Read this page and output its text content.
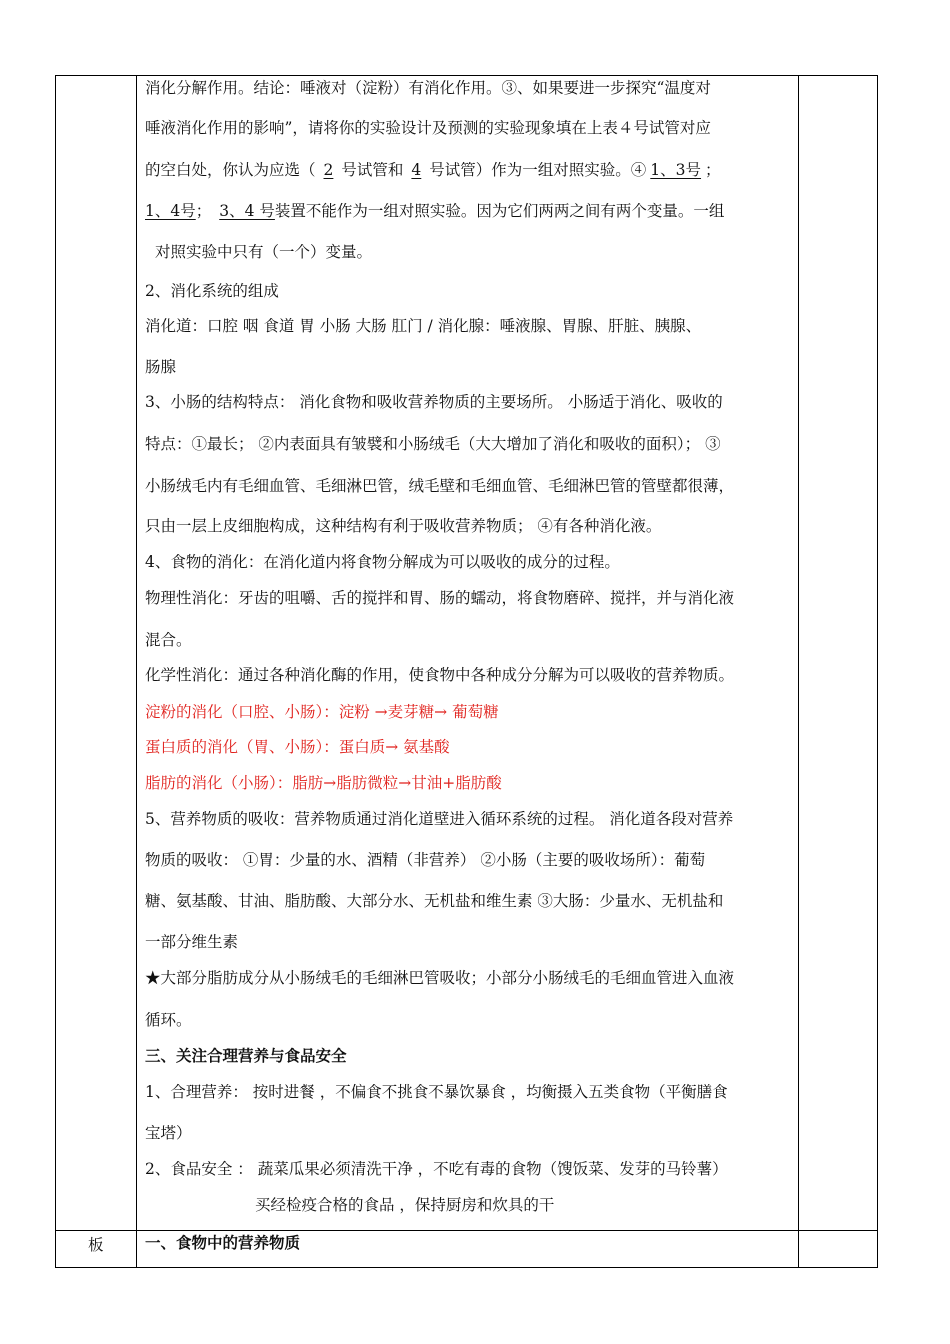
消化分解作用。结论：唾液对（淀粉）有消化作用。③、如果要进一步探究“温度对
唾液消化作用的影响”，请将你的实验设计及预测的实验现象填在上表４号试管对应
的空白处，你认为应选（ 2 号试管和 4 号试管）作为一组对照实验。④ 1、3号 ；
1、4号； 3、4 号装置不能作为一组对照实验。因为它们两两之间有两个变量。一组
对照实验中只有（一个）变量。
2、消化系统的组成
消化道：口腔 咽 食道 胃 小肠 大肠 肛门 / 消化腺：唾液腺、胃腺、肝脏、胰腺、
肠腺
3、小肠的结构特点： 消化食物和吸收营养物质的主要场所。 小肠适于消化、吸收的
特点：①最长； ②内表面具有皱襞和小肠绒毛（大大增加了消化和吸收的面积）； ③
小肠绒毛内有毛细血管、毛细淋巴管，绒毛壁和毛细血管、毛细淋巴管的管壁都很薄，
只由一层上皮细胞构成，这种结构有利于吸收营养物质； ④有各种消化液。
4、食物的消化：在消化道内将食物分解成为可以吸收的成分的过程。
物理性消化：牙齿的咀嚼、舌的搅拌和胃、肠的蠕动，将食物磨碎、搅拌，并与消化液
混合。
化学性消化：通过各种消化酶的作用，使食物中各种成分分解为可以吸收的营养物质。
淀粉的消化（口腔、小肠）：淀粉 →麦芽糖→ 葡萄糖
蛋白质的消化（胃、小肠）：蛋白质→ 氨基酸
脂肪的消化（小肠）：脂肪→脂肪微粒→甘油+脂肪酸
5、营养物质的吸收：营养物质通过消化道壁进入循环系统的过程。 消化道各段对营养
物质的吸收： ①胃：少量的水、酒精（非营养） ②小肠（主要的吸收场所）：葡萄
糖、氨基酸、甘油、脂肪酸、大部分水、无机盐和维生素 ③大肠：少量水、无机盐和
一部分维生素
★大部分脂肪成分从小肠绒毛的毛细淋巴管吸收；小部分小肠绒毛的毛细血管进入血液
循环。
三、关注合理营养与食品安全
1、合理营养： 按时进餐 ，不偏食不挑食不暴饮暴食 ，均衡摄入五类食物（平衡膳食
宝塔）
2、食品安全 ： 蔬菜瓜果必须清洗干净 ，不吃有毒的食物（馊饭菜、发芽的马铃薯）
买经检疫合格的食品 ，保持厨房和炊具的干
板	一、食物中的营养物质
